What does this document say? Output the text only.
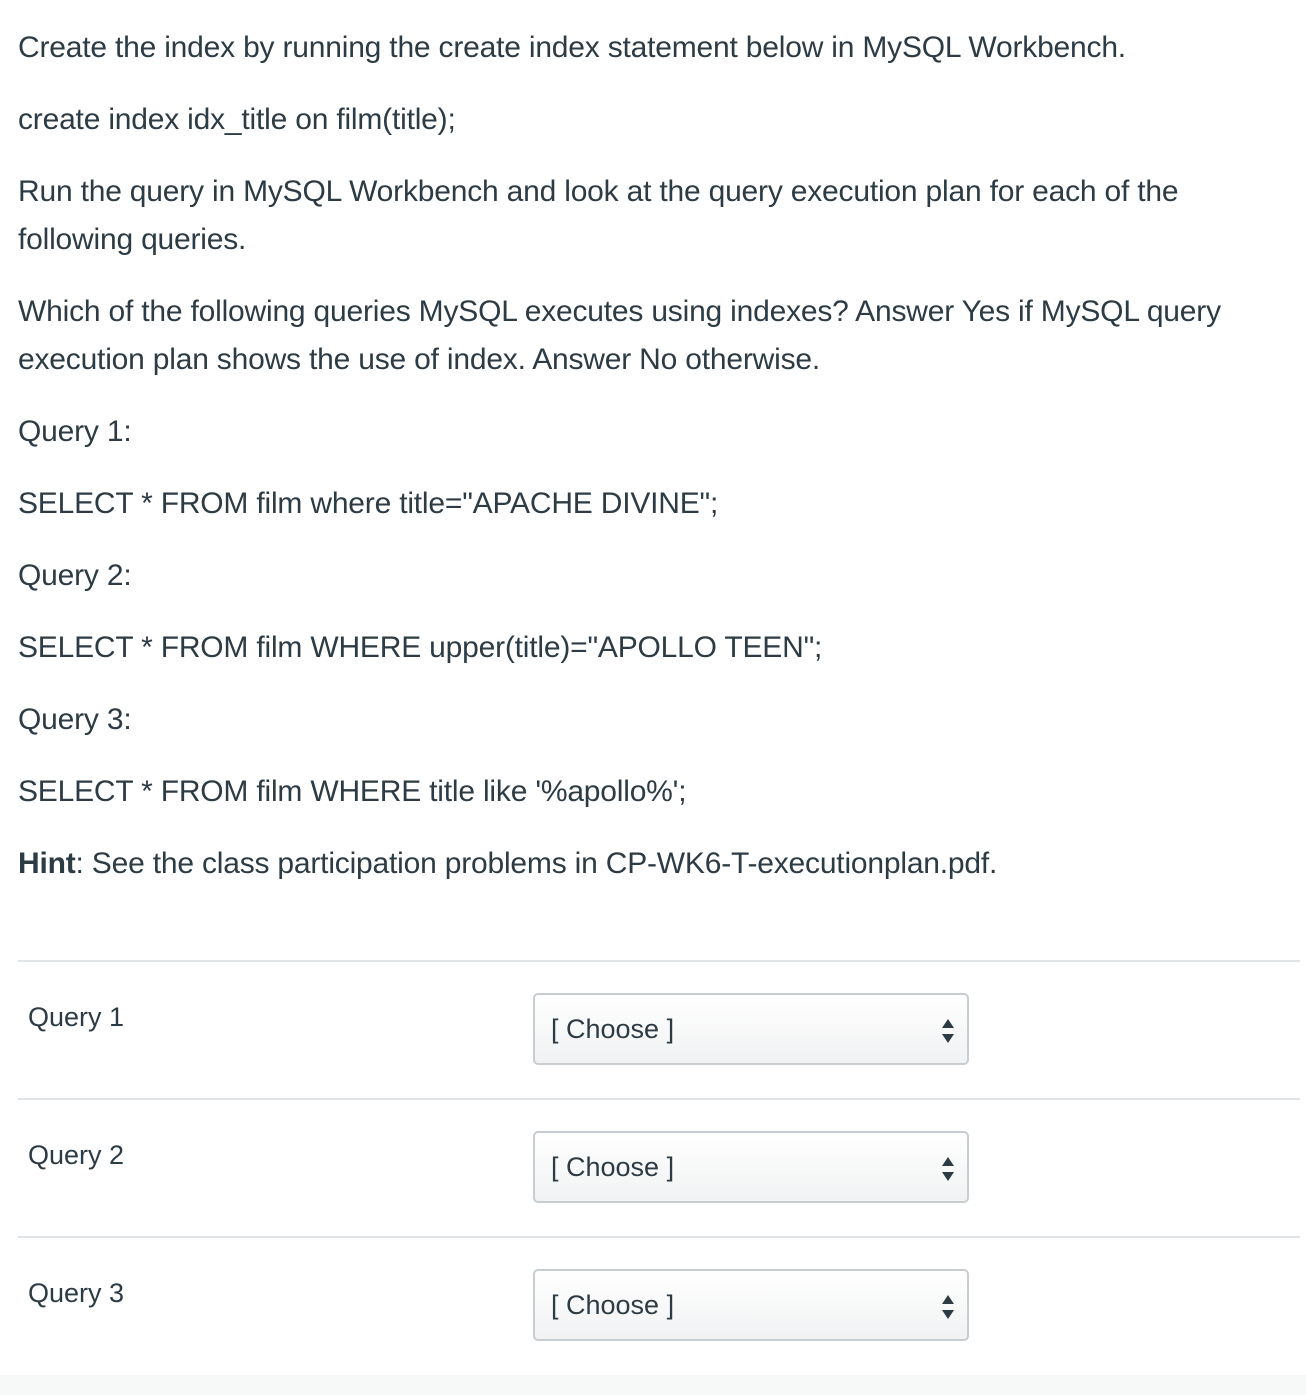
Create the index by running the create index statement below in MySQL Workbench.

create index idx_title on film(title);

Run the query in MySQL Workbench and look at the query execution plan for each of the following queries.

Which of the following queries MySQL executes using indexes? Answer Yes if MySQL query execution plan shows the use of index. Answer No otherwise.

Query 1:

SELECT * FROM film where title="APACHE DIVINE";

Query 2:

SELECT * FROM film WHERE upper(title)="APOLLO TEEN";

Query 3:

SELECT * FROM film WHERE title like '%apollo%';

Hint: See the class participation problems in CP-WK6-T-executionplan.pdf.

Query 1	[ Choose ]
Query 2	[ Choose ]
Query 3	[ Choose ]
